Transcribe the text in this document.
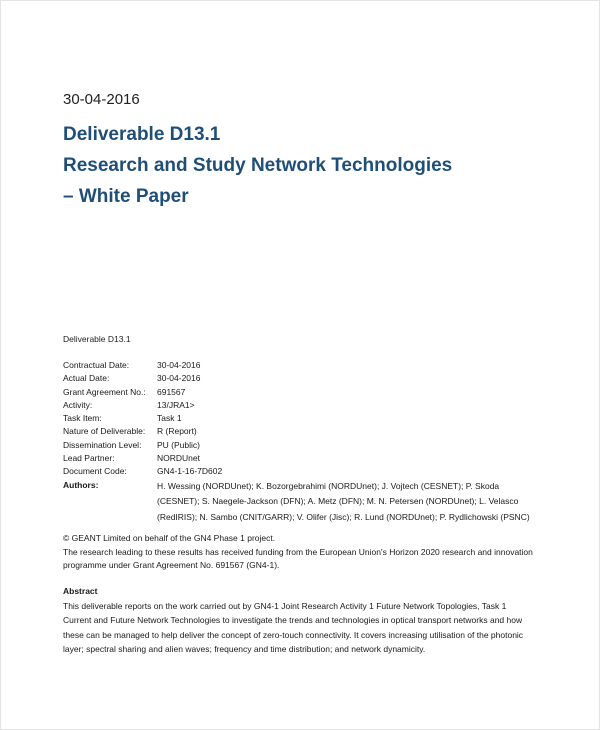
30-04-2016
Deliverable D13.1
Research and Study Network Technologies
– White Paper
Deliverable D13.1
Contractual Date:	30-04-2016
Actual Date:	30-04-2016
Grant Agreement No.:	691567
Activity:	13/JRA1>
Task Item:	Task 1
Nature of Deliverable:	R (Report)
Dissemination Level:	PU (Public)
Lead Partner:	NORDUnet
Document Code:	GN4-1-16-7D602
Authors:	H. Wessing (NORDUnet); K. Bozorgebrahimi (NORDUnet); J. Vojtech (CESNET); P. Skoda (CESNET); S. Naegele-Jackson (DFN); A. Metz (DFN); M. N. Petersen (NORDUnet); L. Velasco (RedIRIS); N. Sambo (CNIT/GARR); V. Olifer (Jisc); R. Lund (NORDUnet); P. Rydlichowski (PSNC)
© GEANT Limited on behalf of the GN4 Phase 1 project.
The research leading to these results has received funding from the European Union's Horizon 2020 research and innovation programme under Grant Agreement No. 691567 (GN4-1).
Abstract
This deliverable reports on the work carried out by GN4-1 Joint Research Activity 1 Future Network Topologies, Task 1 Current and Future Network Technologies to investigate the trends and technologies in optical transport networks and how these can be managed to help deliver the concept of zero-touch connectivity. It covers increasing utilisation of the photonic layer; spectral sharing and alien waves; frequency and time distribution; and network dynamicity.
